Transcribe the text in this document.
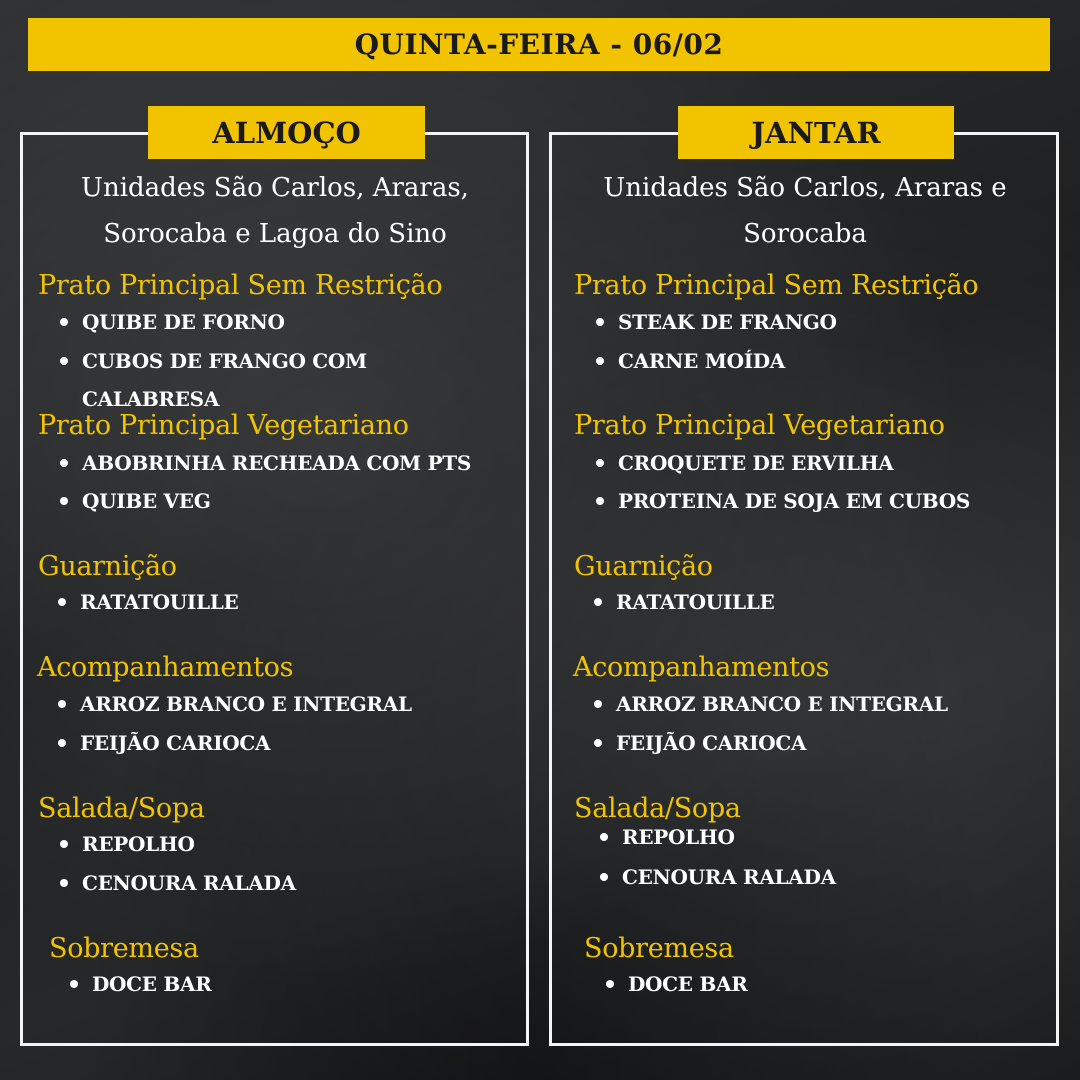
QUINTA-FEIRA - 06/02
ALMOÇO	JANTAR
Unidades São Carlos, Araras,
Sorocaba e Lagoa do Sino
Unidades São Carlos, Araras e
Sorocaba
Prato Principal Sem Restrição
QUIBE DE FORNO
CUBOS DE FRANGO COM
CALABRESA
Prato Principal Vegetariano
ABOBRINHA RECHEADA COM PTS
QUIBE VEG
Guarnição
RATATOUILLE
Acompanhamentos
ARROZ BRANCO E INTEGRAL
FEIJÃO CARIOCA
Salada/Sopa
REPOLHO
CENOURA RALADA
Sobremesa
DOCE BAR
Prato Principal Sem Restrição
STEAK DE FRANGO
CARNE MOÍDA
Prato Principal Vegetariano
CROQUETE DE ERVILHA
PROTEINA DE SOJA EM CUBOS
Guarnição
RATATOUILLE
Acompanhamentos
ARROZ BRANCO E INTEGRAL
FEIJÃO CARIOCA
Salada/Sopa
REPOLHO
CENOURA RALADA
Sobremesa
DOCE BAR
